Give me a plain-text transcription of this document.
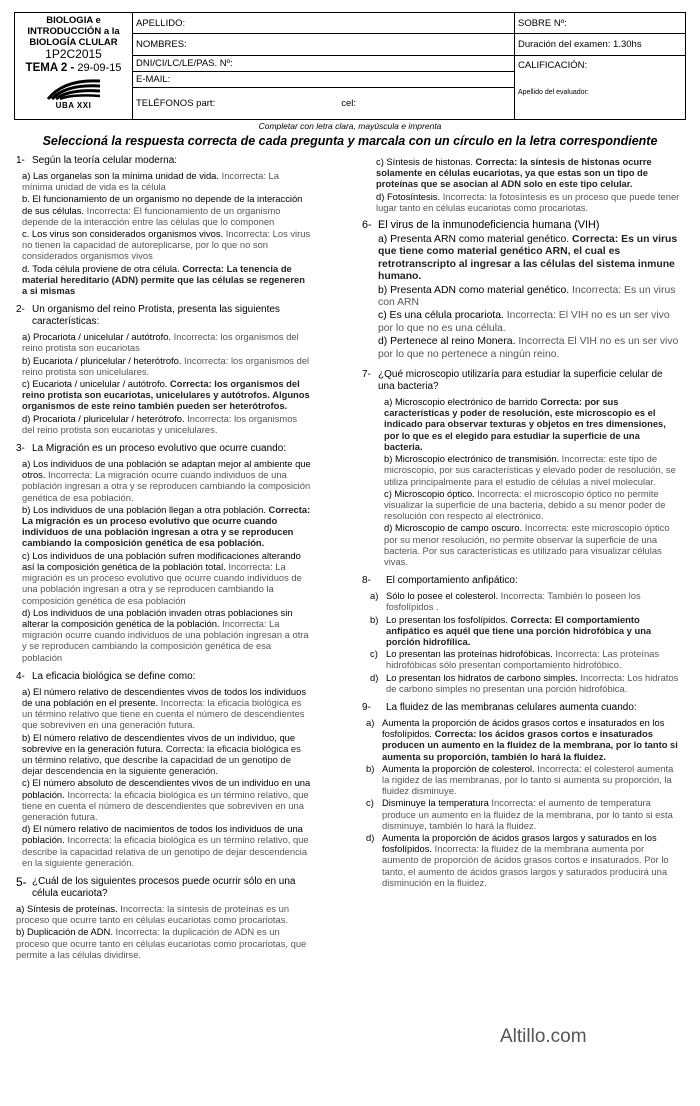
BIOLOGIA e
INTRODUCCIÓN a la
BIOLOGÍA CLULAR
1P2C2015
TEMA 2 - 29-09-15
UBA XXI
APELLIDO:
NOMBRES:
DNI/CI/LC/LE/PAS. Nº:
E-MAIL:
TELÉFONOS part:	cel:
SOBRE Nº:
Duración del examen: 1.30hs
CALIFICACIÓN:
Apellido del evaluador:
Completar con letra clara, mayúscula e imprenta
Seleccioná la respuesta correcta de cada pregunta y marcala con un círculo en la letra correspondiente
1- Según la teoría celular moderna:
a) Las organelas son la mínima unidad de vida. Incorrecta: La mínima unidad de vida es la célula
b. El funcionamiento de un organismo no depende de la interacción de sus células. Incorrecta: El funcionamiento de un organismo depende de la interacción entre las células que lo componen
c. Los virus son considerados organismos vivos. Incorrecta: Los virus no tienen la capacidad de autoreplicarse, por lo que no son considerados organismos vivos
d. Toda célula proviene de otra célula. Correcta: La tenencia de material hereditario (ADN) permite que las células se regeneren a si mismas
2- Un organismo del reino Protista, presenta las siguientes características:
a) Procariota / unicelular / autótrofo. Incorrecta: los organismos del reino protista son eucariotas
b) Eucariota / pluricelular / heterótrofo. Incorrecta: los organismos del reino protista son unicelulares.
c) Eucariota / unicelular / autótrofo. Correcta: los organismos del reino protista son eucariotas, unicelulares y autótrofos. Algunos organismos de este reino también pueden ser heterótrofos.
d) Procariota / pluricelular / heterótrofo. Incorrecta: los organismos del reino protista son eucariotas y unicelulares.
3- La Migración es un proceso evolutivo que ocurre cuando:
a) Los individuos de una población se adaptan mejor al ambiente que otros. Incorrecta: La migración ocurre cuando individuos de una población ingresan a otra y se reproducen cambiando la composición genética de esa población.
b) Los individuos de una población llegan a otra población. Correcta: La migración es un proceso evolutivo que ocurre cuando individuos de una población ingresan a otra y se reproducen cambiando la composición genética de esa población.
c) Los individuos de una población sufren modificaciones alterando así la composición genética de la población total. Incorrecta: La migración es un proceso evolutivo que ocurre cuando individuos de una población ingresan a otra y se reproducen cambiando la composición genética de esa población
d) Los individuos de una población invaden otras poblaciones sin alterar la composición genética de la población. Incorrecta: La migración ocurre cuando individuos de una población ingresan a otra y se reproducen cambiando la composición genética de esa población
4- La eficacia biológica se define como:
a) El número relativo de descendientes vivos de todos los individuos de una población en el presente. Incorrecta: la eficacia biológica es un término relativo que tiene en cuenta el número de descendientes que sobreviven en una generación futura.
b) El número relativo de descendientes vivos de un individuo, que sobrevive en la generación futura. Correcta: la eficacia biológica es un término relativo, que describe la capacidad de un genotipo de dejar descendencia en la siguiente generación.
c) El número absoluto de descendientes vivos de un individuo en una población. Incorrecta: la eficacia biológica es un término relativo, que tiene en cuenta el número de descendientes que sobreviven en una generación futura.
d) El número relativo de nacimientos de todos los individuos de una población. Incorrecta: la eficacia biológica es un término relativo, que describe la capacidad relativa de un genotipo de dejar descendencia en la siguiente generación.
5- ¿Cuál de los siguientes procesos puede ocurrir sólo en una célula eucariota?
a) Síntesis de proteínas. Incorrecta: la síntesis de proteínas es un proceso que ocurre tanto en células eucariotas como procariotas.
b) Duplicación de ADN. Incorrecta: la duplicación de ADN es un proceso que ocurre tanto en células eucariotas como procariotas, que permite a las células dividirse.
c) Síntesis de histonas. Correcta: la síntesis de histonas ocurre solamente en células eucariotas, ya que estas son un tipo de proteínas que se asocian al ADN solo en este tipo celular.
d) Fotosíntesis. Incorrecta: la fotosíntesis es un proceso que puede tener lugar tanto en células eucariotas como procariotas.
6- El virus de la inmunodeficiencia humana (VIH)
a) Presenta ARN como material genético. Correcta: Es un virus que tiene como material genético ARN, el cual es retrotranscripto al ingresar a las células del sistema inmune humano.
b) Presenta ADN como material genético. Incorrecta: Es un virus con ARN
c) Es una célula procariota. Incorrecta: El VIH no es un ser vivo por lo que no es una célula.
d) Pertenece al reino Monera. Incorrecta El VIH no es un ser vivo por lo que no pertenece a ningún reino.
7- ¿Qué microscopio utilizaría para estudiar la superficie celular de una bacteria?
a) Microscopio electrónico de barrido Correcta: por sus características y poder de resolución, este microscopio es el indicado para observar texturas y objetos en tres dimensiones, por lo que es el elegido para estudiar la superficie de una bacteria.
b) Microscopio electrónico de transmisión. Incorrecta: este tipo de microscopio, por sus características y elevado poder de resolución, se utiliza principalmente para el estudio de células a nivel molecular.
c) Microscopio óptico. Incorrecta: el microscopio óptico no permite visualizar la superficie de una bacteria, debido a su menor poder de resolución con respecto al electrónico.
d) Microscopio de campo oscuro. Incorrecta: este microscopio óptico por su menor resolución, no permite observar la superficie de una bacteria. Por sus características es utilizado para visualizar células vivas.
8-	El comportamiento anfipático:
a) Sólo lo posee el colesterol. Incorrecta: También lo poseen los fosfolípidos .
b) Lo presentan los fosfolípidos. Correcta: El comportamiento anfipático es aquél que tiene una porción hidrofóbica y una porción hidrofílica.
c) Lo presentan las proteínas hidrofóbicas. Incorrecta: Las proteínas hidrofóbicas sólo presentan comportamiento hidrofóbico.
d) Lo presentan los hidratos de carbono simples. Incorrecta: Los hidratos de carbono simples no presentan una porción hidrofóbica.
9-	La fluidez de las membranas celulares aumenta cuando:
a) Aumenta la proporción de ácidos grasos cortos e insaturados en los fosfolípidos. Correcta: los ácidos grasos cortos e insaturados producen un aumento en la fluidez de la membrana, por lo tanto si aumenta su proporción, también lo hará la fluidez.
b) Aumenta la proporción de colesterol. Incorrecta: el colesterol aumenta la rigidez de las membranas, por lo tanto si aumenta su proporción, la fluidez disminuye.
c) Disminuye la temperatura Incorrecta: el aumento de temperatura produce un aumento en la fluidez de la membrana, por lo tanto si esta disminuye, también lo hará la fluidez.
d) Aumenta la proporción de ácidos grasos largos y saturados en los fosfolípidos. Incorrecta: la fluidez de la membrana aumenta por aumento de proporción de ácidos grasos cortos e insaturados. Por lo tanto, el aumento de ácidos grasos largos y saturados producirá una disminución en la fluidez.
Altillo.com
